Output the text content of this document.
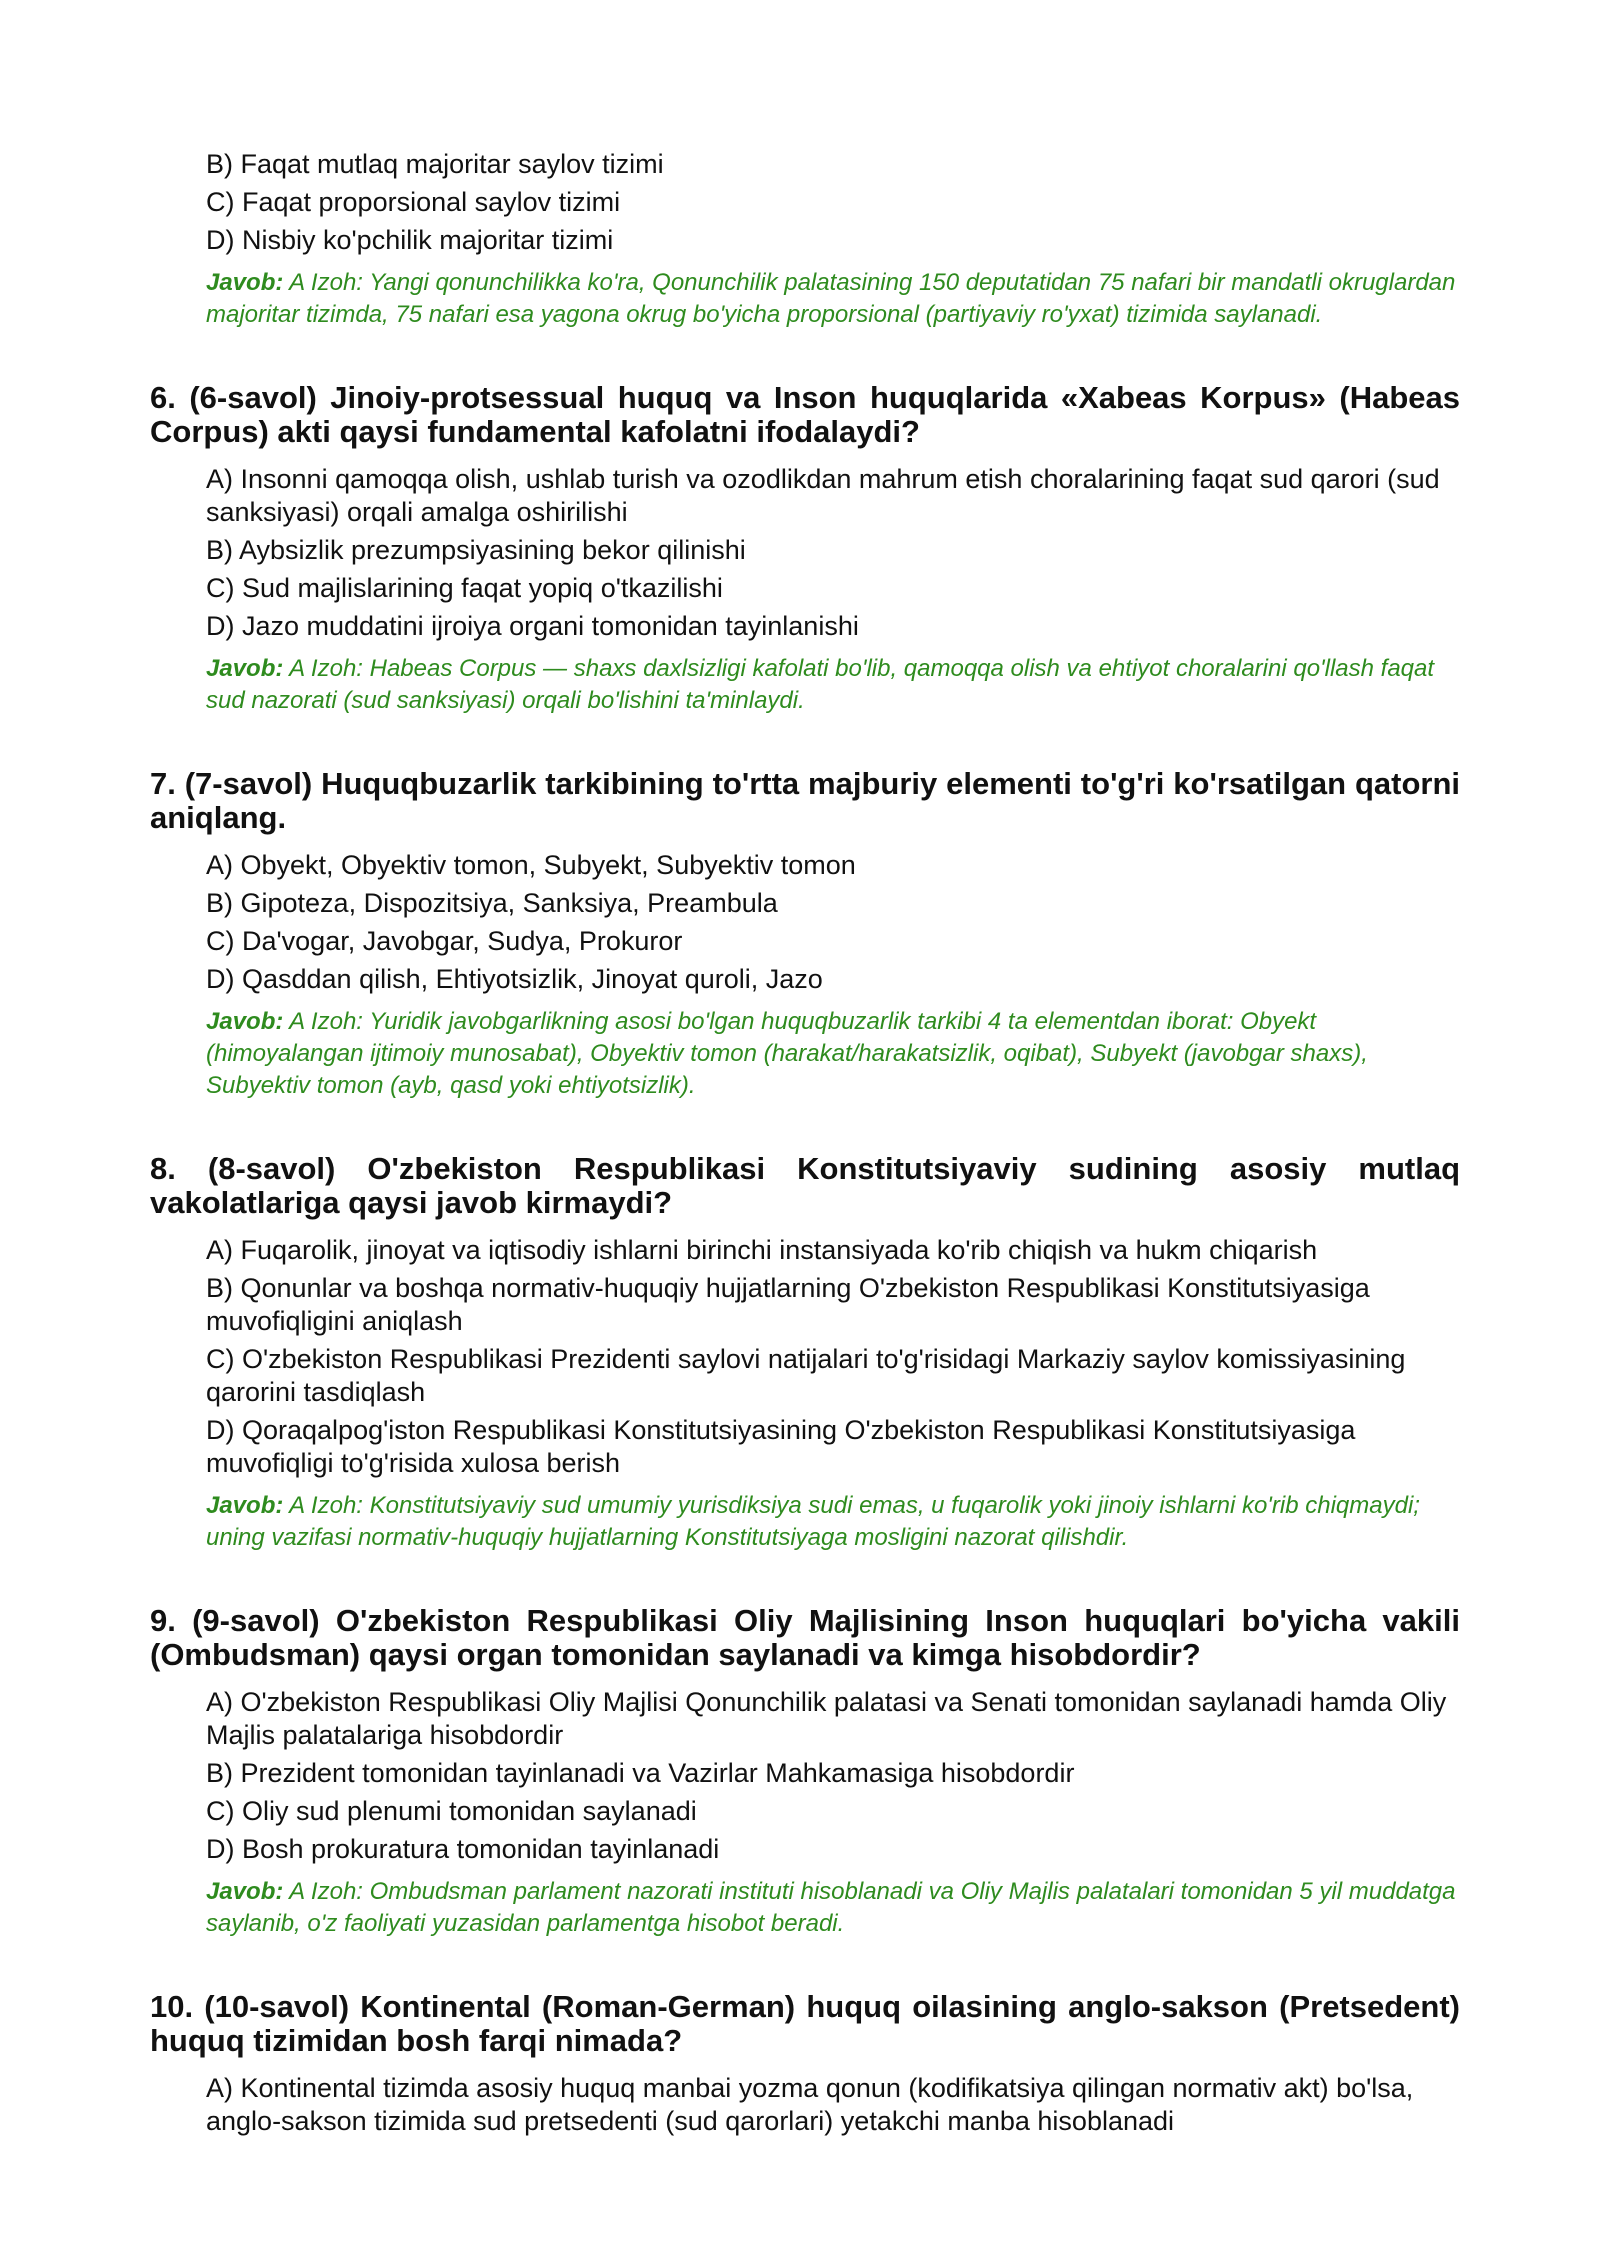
B) Faqat mutlaq majoritar saylov tizimi
C) Faqat proporsional saylov tizimi
D) Nisbiy ko'pchilik majoritar tizimi
Javob: A Izoh: Yangi qonunchilikka ko'ra, Qonunchilik palatasining 150 deputatidan 75 nafari bir mandatli okruglardan majoritar tizimda, 75 nafari esa yagona okrug bo'yicha proporsional (partiyaviy ro'yxat) tizimida saylanadi.
6. (6-savol) Jinoiy-protsessual huquq va Inson huquqlarida «Xabeas Korpus» (Habeas Corpus) akti qaysi fundamental kafolatni ifodalaydi?
A) Insonni qamoqqa olish, ushlab turish va ozodlikdan mahrum etish choralarining faqat sud qarori (sud sanksiyasi) orqali amalga oshirilishi
B) Aybsizlik prezumpsiyasining bekor qilinishi
C) Sud majlislarining faqat yopiq o'tkazilishi
D) Jazo muddatini ijroiya organi tomonidan tayinlanishi
Javob: A Izoh: Habeas Corpus — shaxs daxlsizligi kafolati bo'lib, qamoqqa olish va ehtiyot choralarini qo'llash faqat sud nazorati (sud sanksiyasi) orqali bo'lishini ta'minlaydi.
7. (7-savol) Huquqbuzarlik tarkibining to'rtta majburiy elementi to'g'ri ko'rsatilgan qatorni aniqlang.
A) Obyekt, Obyektiv tomon, Subyekt, Subyektiv tomon
B) Gipoteza, Dispozitsiya, Sanksiya, Preambula
C) Da'vogar, Javobgar, Sudya, Prokuror
D) Qasddan qilish, Ehtiyotsizlik, Jinoyat quroli, Jazo
Javob: A Izoh: Yuridik javobgarlikning asosi bo'lgan huquqbuzarlik tarkibi 4 ta elementdan iborat: Obyekt (himoyalangan ijtimoiy munosabat), Obyektiv tomon (harakat/harakatsizlik, oqibat), Subyekt (javobgar shaxs), Subyektiv tomon (ayb, qasd yoki ehtiyotsizlik).
8. (8-savol) O'zbekiston Respublikasi Konstitutsiyaviy sudining asosiy mutlaq vakolatlariga qaysi javob kirmaydi?
A) Fuqarolik, jinoyat va iqtisodiy ishlarni birinchi instansiyada ko'rib chiqish va hukm chiqarish
B) Qonunlar va boshqa normativ-huquqiy hujjatlarning O'zbekiston Respublikasi Konstitutsiyasiga muvofiqligini aniqlash
C) O'zbekiston Respublikasi Prezidenti saylovi natijalari to'g'risidagi Markaziy saylov komissiyasining qarorini tasdiqlash
D) Qoraqalpog'iston Respublikasi Konstitutsiyasining O'zbekiston Respublikasi Konstitutsiyasiga muvofiqligi to'g'risida xulosa berish
Javob: A Izoh: Konstitutsiyaviy sud umumiy yurisdiksiya sudi emas, u fuqarolik yoki jinoiy ishlarni ko'rib chiqmaydi; uning vazifasi normativ-huquqiy hujjatlarning Konstitutsiyaga mosligini nazorat qilishdir.
9. (9-savol) O'zbekiston Respublikasi Oliy Majlisining Inson huquqlari bo'yicha vakili (Ombudsman) qaysi organ tomonidan saylanadi va kimga hisobdordir?
A) O'zbekiston Respublikasi Oliy Majlisi Qonunchilik palatasi va Senati tomonidan saylanadi hamda Oliy Majlis palatalariga hisobdordir
B) Prezident tomonidan tayinlanadi va Vazirlar Mahkamasiga hisobdordir
C) Oliy sud plenumi tomonidan saylanadi
D) Bosh prokuratura tomonidan tayinlanadi
Javob: A Izoh: Ombudsman parlament nazorati instituti hisoblanadi va Oliy Majlis palatalari tomonidan 5 yil muddatga saylanib, o'z faoliyati yuzasidan parlamentga hisobot beradi.
10. (10-savol) Kontinental (Roman-German) huquq oilasining anglo-sakson (Pretsedent) huquq tizimidan bosh farqi nimada?
A) Kontinental tizimda asosiy huquq manbai yozma qonun (kodifikatsiya qilingan normativ akt) bo'lsa, anglo-sakson tizimida sud pretsedenti (sud qarorlari) yetakchi manba hisoblanadi
